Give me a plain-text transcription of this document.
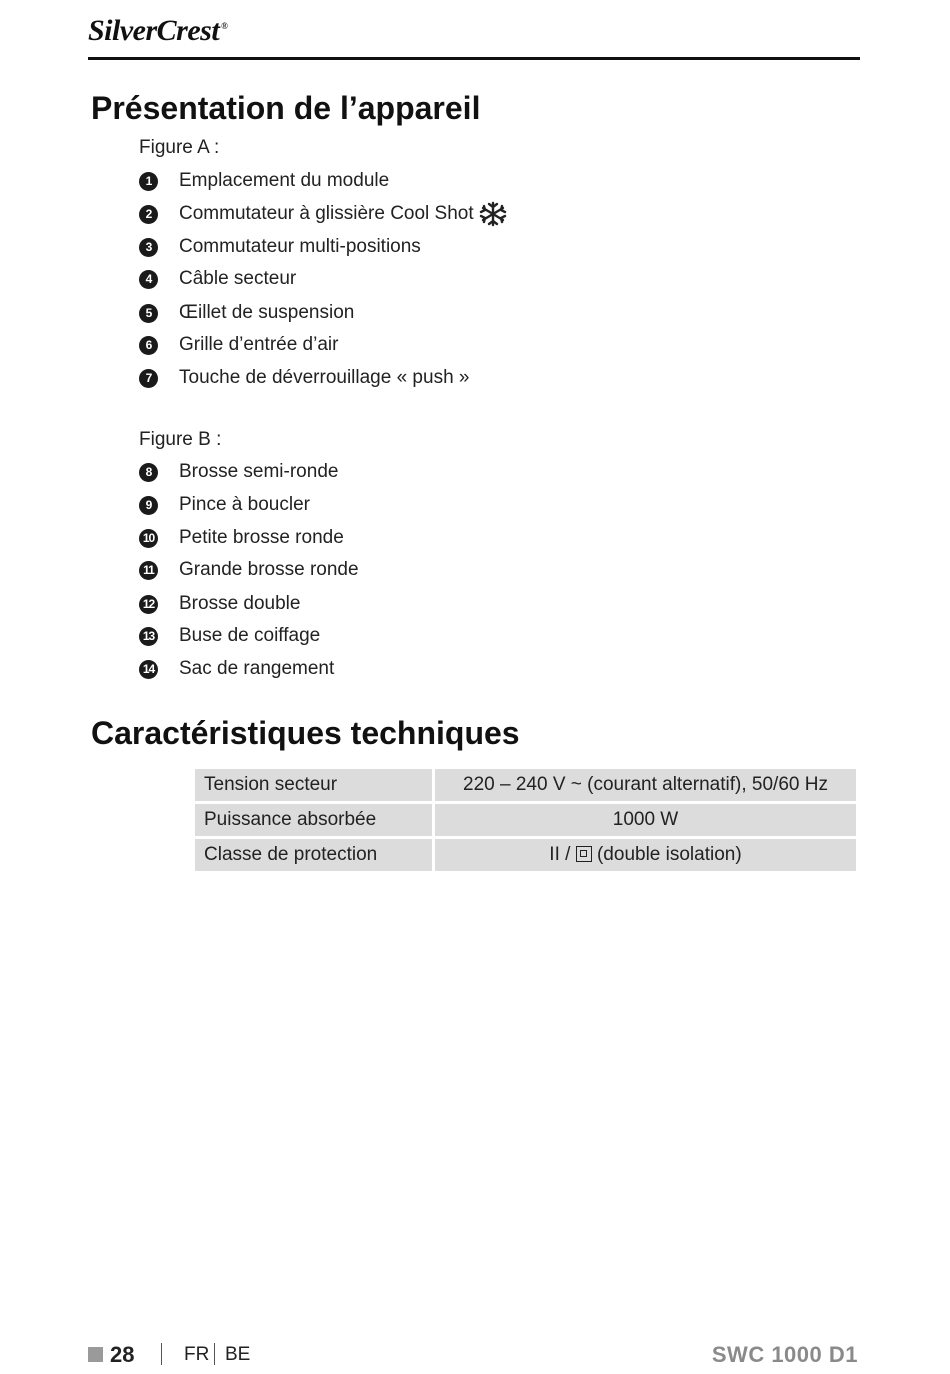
SilverCrest ®
Présentation de l’appareil
Figure A :
1	Emplacement du module
2	Commutateur à glissière Cool Shot
3	Commutateur multi-positions
4	Câble secteur
5	Œillet de suspension
6	Grille d’entrée d’air
7	Touche de déverrouillage « push »
Figure B :
8	Brosse semi-ronde
9	Pince à boucler
10 Petite brosse ronde
11 Grande brosse ronde
12 Brosse double
13 Buse de coiffage
14 Sac de rangement
Caractéristiques techniques
Tension secteur	220 – 240 V ~ (courant alternatif), 50/60 Hz
Puissance absorbée	1000 W
Classe de protection	II / (double isolation)
28	FR BE	SWC 1000 D1
